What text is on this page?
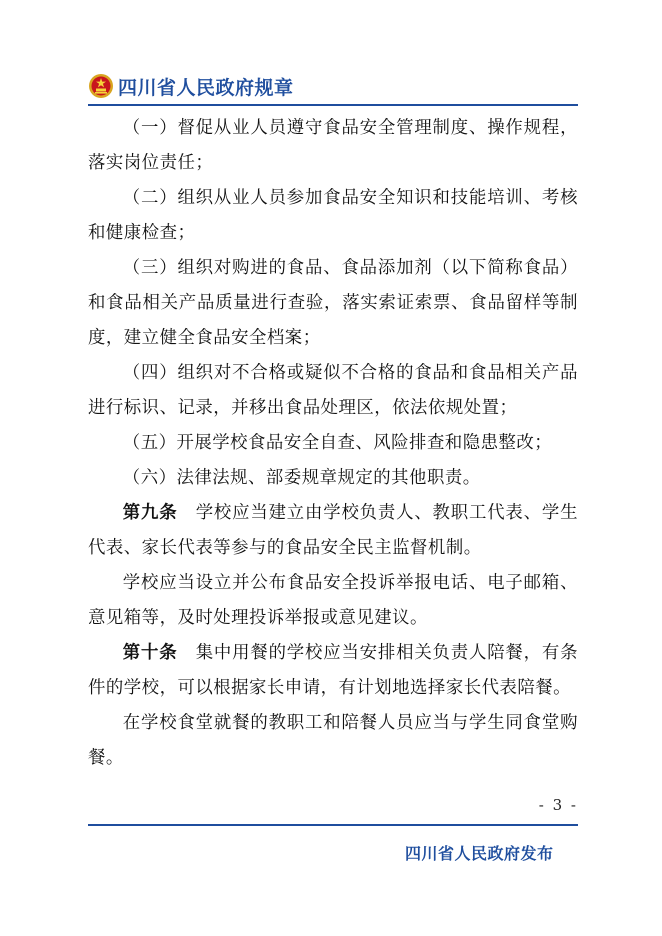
四川省人民政府规章

（一）督促从业人员遵守食品安全管理制度、操作规程，落实岗位责任；

（二）组织从业人员参加食品安全知识和技能培训、考核和健康检查；

（三）组织对购进的食品、食品添加剂（以下简称食品）和食品相关产品质量进行查验，落实索证索票、食品留样等制度，建立健全食品安全档案；

（四）组织对不合格或疑似不合格的食品和食品相关产品进行标识、记录，并移出食品处理区，依法依规处置；

（五）开展学校食品安全自查、风险排查和隐患整改；

（六）法律法规、部委规章规定的其他职责。

第九条　 学校应当建立由学校负责人、教职工代表、学生代表、家长代表等参与的食品安全民主监督机制。

学校应当设立并公布食品安全投诉举报电话、电子邮箱、意见箱等，及时处理投诉举报或意见建议。

第十条　 集中用餐的学校应当安排相关负责人陪餐，有条件的学校，可以根据家长申请，有计划地选择家长代表陪餐。

在学校食堂就餐的教职工和陪餐人员应当与学生同食堂购餐。

- 3 -
四川省人民政府发布
